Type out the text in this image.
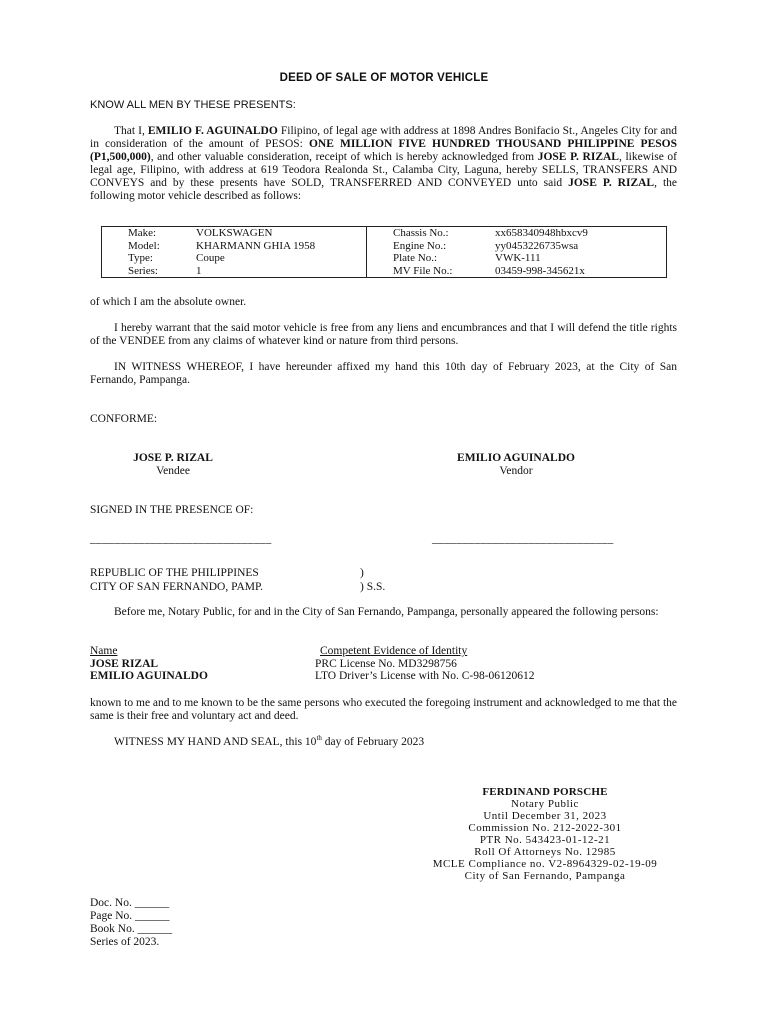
DEED OF SALE OF MOTOR VEHICLE
KNOW ALL MEN BY THESE PRESENTS:
That I, EMILIO F. AGUINALDO Filipino, of legal age with address at 1898 Andres Bonifacio St., Angeles City for and in consideration of the amount of PESOS: ONE MILLION FIVE HUNDRED THOUSAND PHILIPPINE PESOS (P1,500,000), and other valuable consideration, receipt of which is hereby acknowledged from JOSE P. RIZAL, likewise of legal age, Filipino, with address at 619 Teodora Realonda St., Calamba City, Laguna, hereby SELLS, TRANSFERS AND CONVEYS and by these presents have SOLD, TRANSFERRED AND CONVEYED unto said JOSE P. RIZAL, the following motor vehicle described as follows:
Make:	VOLKSWAGEN	Chassis No.:	xx658340948hbxcv9
Model:	KHARMANN GHIA 1958	Engine No.:	yy0453226735wsa
Type:	Coupe	Plate No.:	VWK-111
Series:	1	MV File No.:	03459-998-345621x
of which I am the absolute owner.
I hereby warrant that the said motor vehicle is free from any liens and encumbrances and that I will defend the title rights of the VENDEE from any claims of whatever kind or nature from third persons.
IN WITNESS WHEREOF, I have hereunder affixed my hand this 10th day of February 2023, at the City of San Fernando, Pampanga.
CONFORME:
JOSE P. RIZAL
Vendee
EMILIO AGUINALDO
Vendor
SIGNED IN THE PRESENCE OF:
______________________________	______________________________
REPUBLIC OF THE PHILIPPINES	)
CITY OF SAN FERNANDO, PAMP.	) S.S.
Before me, Notary Public, for and in the City of San Fernando, Pampanga, personally appeared the following persons:
Name	Competent Evidence of Identity
JOSE RIZAL	PRC License No. MD3298756
EMILIO AGUINALDO	LTO Driver’s License with No. C-98-06120612
known to me and to me known to be the same persons who executed the foregoing instrument and acknowledged to me that the same is their free and voluntary act and deed.
WITNESS MY HAND AND SEAL, this 10th day of February 2023
FERDINAND PORSCHE
Notary Public
Until December 31, 2023
Commission No. 212-2022-301
PTR No. 543423-01-12-21
Roll Of Attorneys No. 12985
MCLE Compliance no. V2-8964329-02-19-09
City of San Fernando, Pampanga
Doc. No. ______
Page No. ______
Book No. ______
Series of 2023.
